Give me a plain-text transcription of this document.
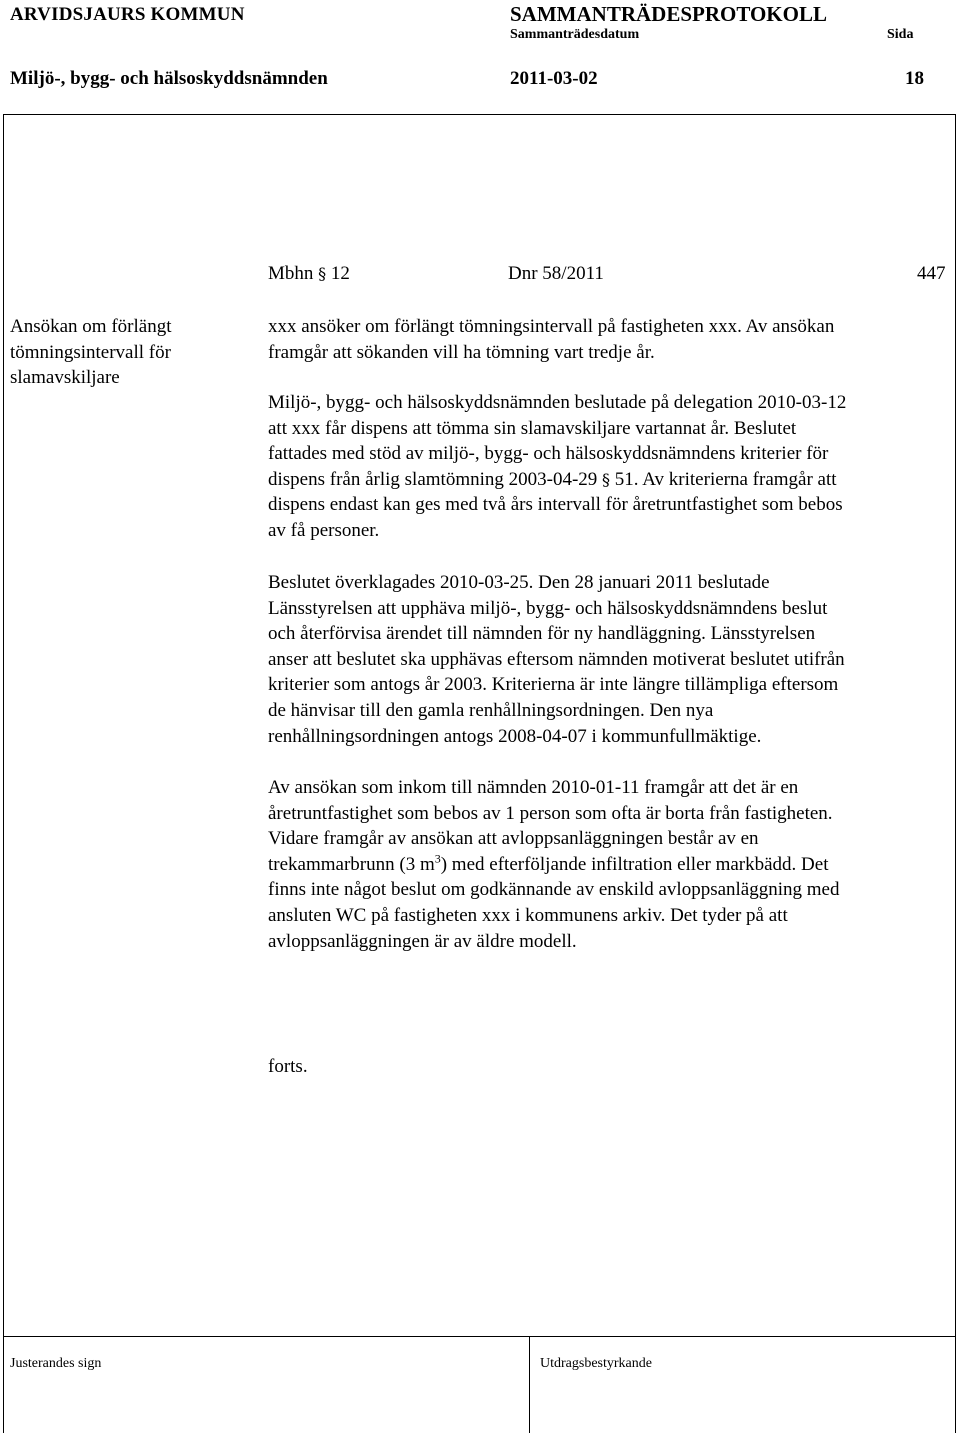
ARVIDSJAURS KOMMUN	SAMMANTRÄDESPROTOKOLL
Sammanträdesdatum	Sida
Miljö-, bygg- och hälsoskyddsnämnden	2011-03-02	18
Mbhn § 12	Dnr 58/2011	447
Ansökan om förlängt
tömningsintervall för
slamavskiljare
xxx ansöker om förlängt tömningsintervall på fastigheten xxx. Av ansökan
framgår att sökanden vill ha tömning vart tredje år.
Miljö-, bygg- och hälsoskyddsnämnden beslutade på delegation 2010-03-12
att xxx får dispens att tömma sin slamavskiljare vartannat år. Beslutet
fattades med stöd av miljö-, bygg- och hälsoskyddsnämndens kriterier för
dispens från årlig slamtömning 2003-04-29 § 51. Av kriterierna framgår att
dispens endast kan ges med två års intervall för åretruntfastighet som bebos
av få personer.
Beslutet överklagades 2010-03-25. Den 28 januari 2011 beslutade
Länsstyrelsen att upphäva miljö-, bygg- och hälsoskyddsnämndens beslut
och återförvisa ärendet till nämnden för ny handläggning. Länsstyrelsen
anser att beslutet ska upphävas eftersom nämnden motiverat beslutet utifrån
kriterier som antogs år 2003. Kriterierna är inte längre tillämpliga eftersom
de hänvisar till den gamla renhållningsordningen. Den nya
renhållningsordningen antogs 2008-04-07 i kommunfullmäktige.
Av ansökan som inkom till nämnden 2010-01-11 framgår att det är en
åretruntfastighet som bebos av 1 person som ofta är borta från fastigheten.
Vidare framgår av ansökan att avloppsanläggningen består av en
trekammarbrunn (3 $m^3$) med efterföljande infiltration eller markbädd. Det
finns inte något beslut om godkännande av enskild avloppsanläggning med
ansluten WC på fastigheten xxx i kommunens arkiv. Det tyder på att
avloppsanläggningen är av äldre modell.
forts.
Justerandes sign	Utdragsbestyrkande
